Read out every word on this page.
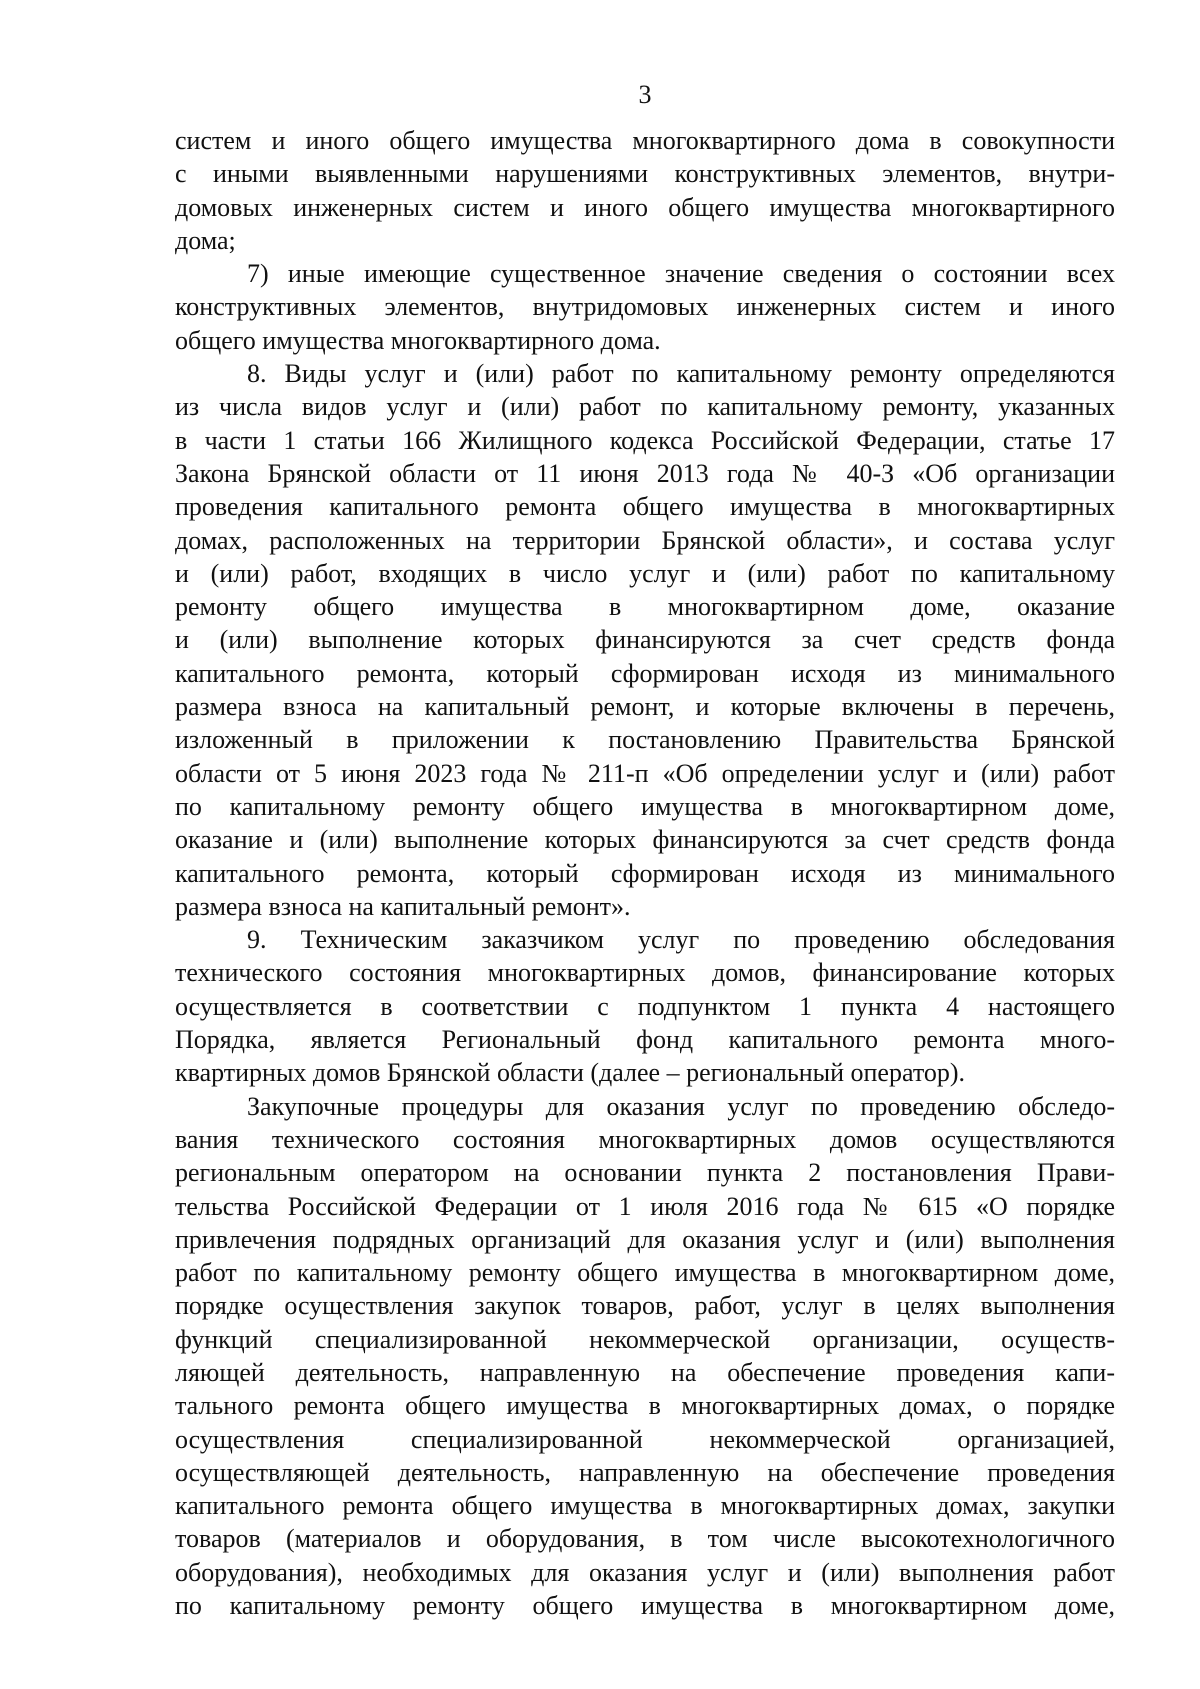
3
систем и иного общего имущества многоквартирного дома в совокупности
с иными выявленными нарушениями конструктивных элементов, внутри-
домовых инженерных систем и иного общего имущества многоквартирного
дома;
7) иные имеющие существенное значение сведения о состоянии всех
конструктивных элементов, внутридомовых инженерных систем и иного
общего имущества многоквартирного дома.
8. Виды услуг и (или) работ по капитальному ремонту определяются
из числа видов услуг и (или) работ по капитальному ремонту, указанных
в части 1 статьи 166 Жилищного кодекса Российской Федерации, статье 17
Закона Брянской области от 11 июня 2013 года № 40-З «Об организации
проведения капитального ремонта общего имущества в многоквартирных
домах, расположенных на территории Брянской области», и состава услуг
и (или) работ, входящих в число услуг и (или) работ по капитальному
ремонту общего имущества в многоквартирном доме, оказание
и (или) выполнение которых финансируются за счет средств фонда
капитального ремонта, который сформирован исходя из минимального
размера взноса на капитальный ремонт, и которые включены в перечень,
изложенный в приложении к постановлению Правительства Брянской
области от 5 июня 2023 года № 211-п «Об определении услуг и (или) работ
по капитальному ремонту общего имущества в многоквартирном доме,
оказание и (или) выполнение которых финансируются за счет средств фонда
капитального ремонта, который сформирован исходя из минимального
размера взноса на капитальный ремонт».
9. Техническим заказчиком услуг по проведению обследования
технического состояния многоквартирных домов, финансирование которых
осуществляется в соответствии с подпунктом 1 пункта 4 настоящего
Порядка, является Региональный фонд капитального ремонта много-
квартирных домов Брянской области (далее – региональный оператор).
Закупочные процедуры для оказания услуг по проведению обследо-
вания технического состояния многоквартирных домов осуществляются
региональным оператором на основании пункта 2 постановления Прави-
тельства Российской Федерации от 1 июля 2016 года № 615 «О порядке
привлечения подрядных организаций для оказания услуг и (или) выполнения
работ по капитальному ремонту общего имущества в многоквартирном доме,
порядке осуществления закупок товаров, работ, услуг в целях выполнения
функций специализированной некоммерческой организации, осуществ-
ляющей деятельность, направленную на обеспечение проведения капи-
тального ремонта общего имущества в многоквартирных домах, о порядке
осуществления специализированной некоммерческой организацией,
осуществляющей деятельность, направленную на обеспечение проведения
капитального ремонта общего имущества в многоквартирных домах, закупки
товаров (материалов и оборудования, в том числе высокотехнологичного
оборудования), необходимых для оказания услуг и (или) выполнения работ
по капитальному ремонту общего имущества в многоквартирном доме,
